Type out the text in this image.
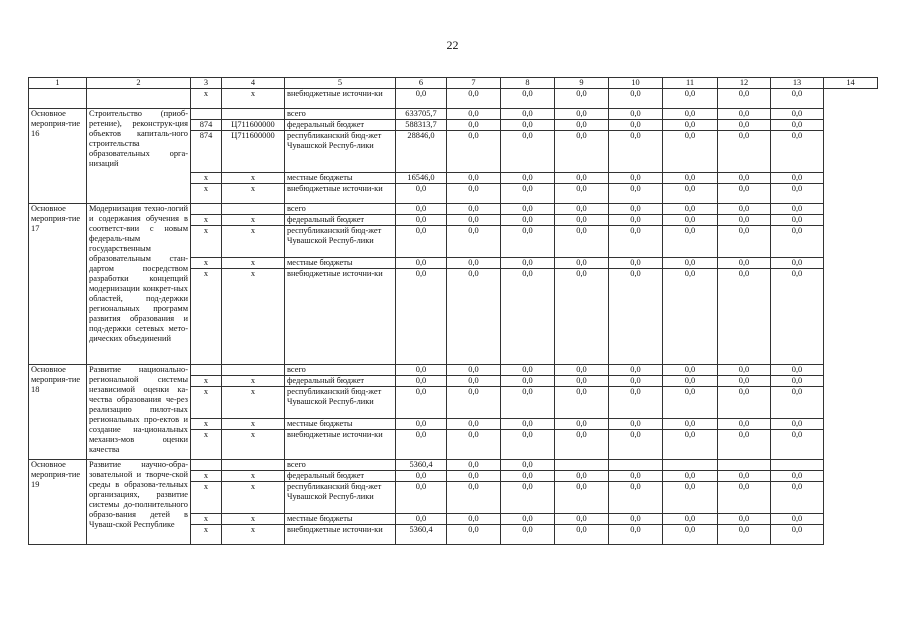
22
1	2	3	4	5	6	7	8	9	10	11	12	13	14
		x	x	внебюджетные источни-ки	0,0	0,0	0,0	0,0	0,0	0,0	0,0	0,0	
Основное мероприя-тие 16	Строительство (приоб-ретение), реконструк-ция объектов капиталь-ного строительства образовательных орга-низаций			всего	633705,7	0,0	0,0	0,0	0,0	0,0	0,0	0,0	
		874	Ц711600000	федеральный бюджет	588313,7	0,0	0,0	0,0	0,0	0,0	0,0	0,0	
		874	Ц711600000	республиканский бюд-жет Чувашской Респуб-лики	28846,0	0,0	0,0	0,0	0,0	0,0	0,0	0,0	
		x	x	местные бюджеты	16546,0	0,0	0,0	0,0	0,0	0,0	0,0	0,0	
		x	x	внебюджетные источни-ки	0,0	0,0	0,0	0,0	0,0	0,0	0,0	0,0	
Основное мероприя-тие 17	Модернизация техно-логий и содержания обучения в соответст-вии с новым федераль-ным государственным образовательным стан-дартом посредством разработки концепций модернизации конкрет-ных областей, под-держки региональных программ развития образования и под-держки сетевых мето-дических объединений			всего	0,0	0,0	0,0	0,0	0,0	0,0	0,0	0,0	
		x	x	федеральный бюджет	0,0	0,0	0,0	0,0	0,0	0,0	0,0	0,0	
		x	x	республиканский бюд-жет Чувашской Респуб-лики	0,0	0,0	0,0	0,0	0,0	0,0	0,0	0,0	
		x	x	местные бюджеты	0,0	0,0	0,0	0,0	0,0	0,0	0,0	0,0	
		x	x	внебюджетные источни-ки	0,0	0,0	0,0	0,0	0,0	0,0	0,0	0,0	
Основное мероприя-тие 18	Развитие национально-региональной системы независимой оценки ка-чества образования че-рез реализацию пилот-ных региональных про-ектов и создание на-циональных механиз-мов оценки качества			всего	0,0	0,0	0,0	0,0	0,0	0,0	0,0	0,0	
		x	x	федеральный бюджет	0,0	0,0	0,0	0,0	0,0	0,0	0,0	0,0	
		x	x	республиканский бюд-жет Чувашской Респуб-лики	0,0	0,0	0,0	0,0	0,0	0,0	0,0	0,0	
		x	x	местные бюджеты	0,0	0,0	0,0	0,0	0,0	0,0	0,0	0,0	
		x	x	внебюджетные источни-ки	0,0	0,0	0,0	0,0	0,0	0,0	0,0	0,0	
Основное мероприя-тие 19	Развитие научно-обра-зовательной и творче-ской среды в образова-тельных организациях, развитие системы до-полнительного образо-вания детей в Чуваш-ской Республике			всего	5360,4	0,0	0,0						
		x	x	федеральный бюджет	0,0	0,0	0,0	0,0	0,0	0,0	0,0	0,0	
		x	x	республиканский бюд-жет Чувашской Респуб-лики	0,0	0,0	0,0	0,0	0,0	0,0	0,0	0,0	
		x	x	местные бюджеты	0,0	0,0	0,0	0,0	0,0	0,0	0,0	0,0	
		x	x	внебюджетные источни-ки	5360,4	0,0	0,0	0,0	0,0	0,0	0,0	0,0	
